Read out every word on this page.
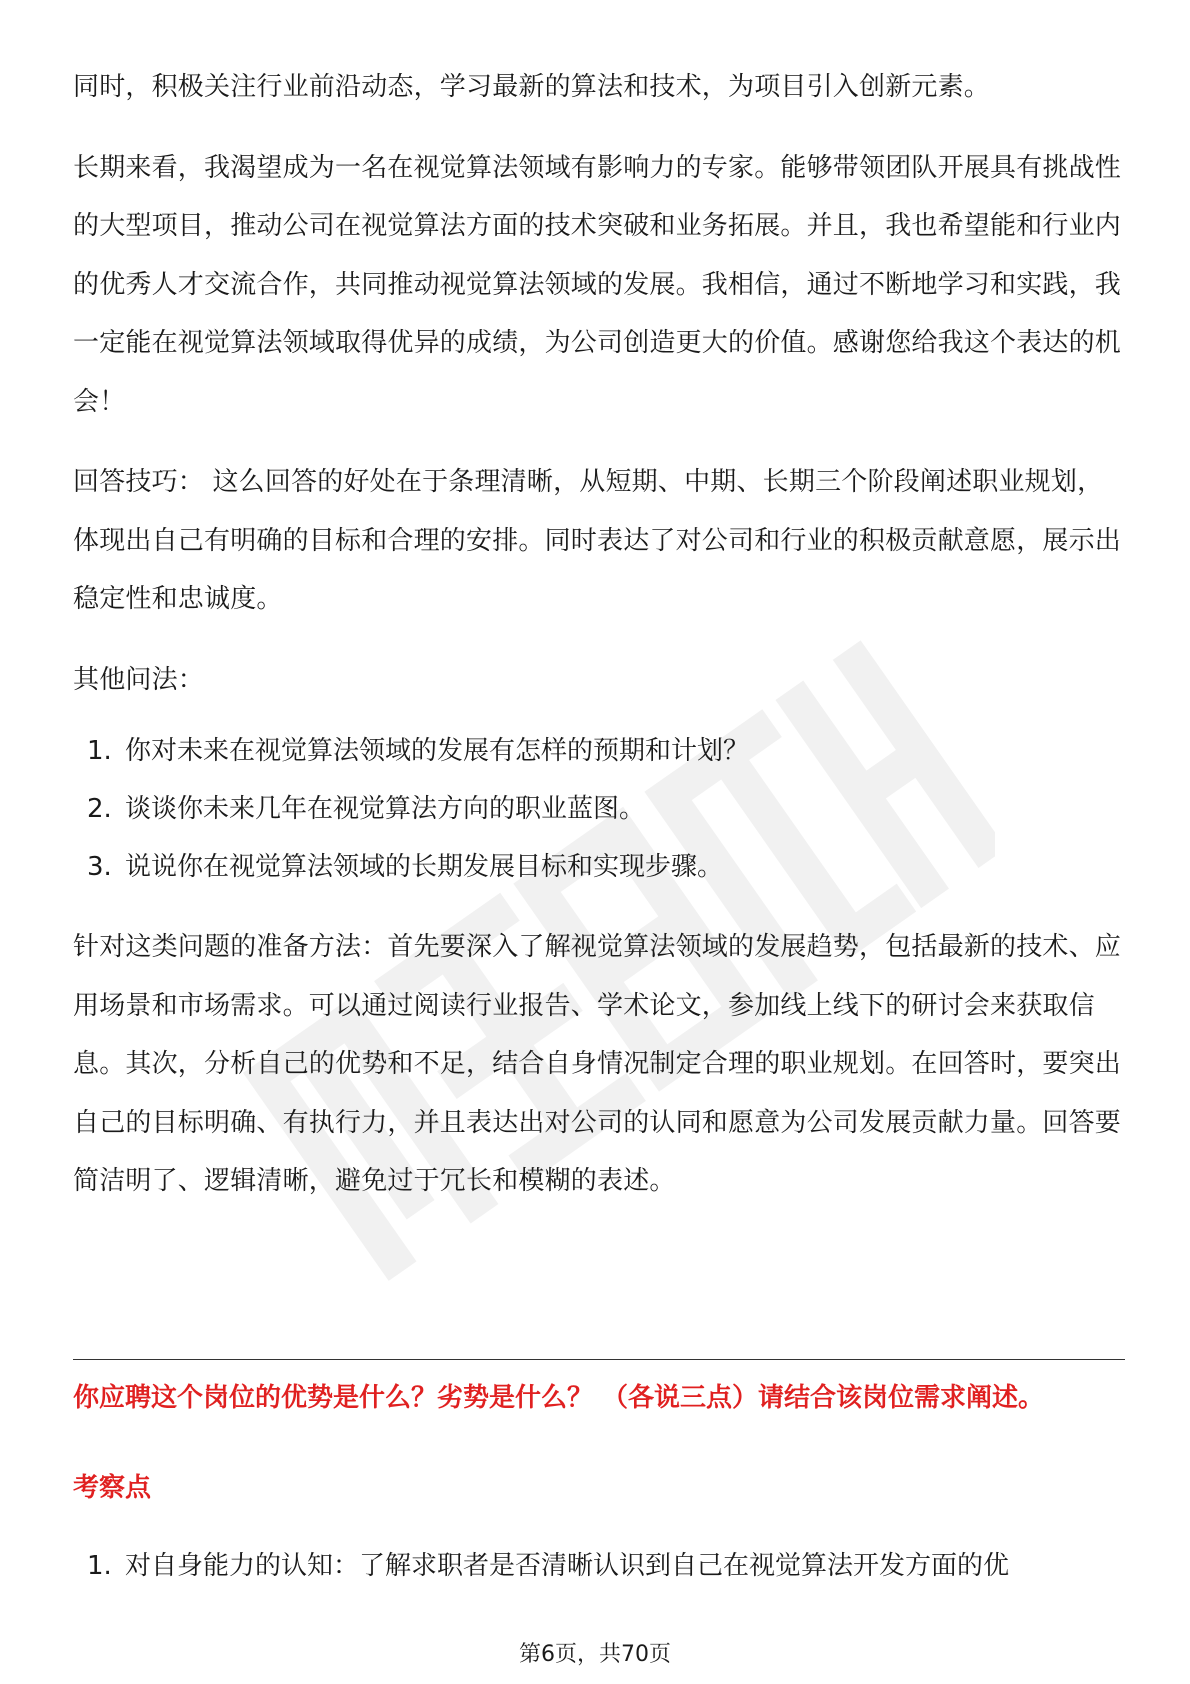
同时，积极关注行业前沿动态，学习最新的算法和技术，为项目引入创新元素。

长期来看，我渴望成为一名在视觉算法领域有影响力的专家。能够带领团队开展具有挑战性的大型项目，推动公司在视觉算法方面的技术突破和业务拓展。并且，我也希望能和行业内的优秀人才交流合作，共同推动视觉算法领域的发展。我相信，通过不断地学习和实践，我一定能在视觉算法领域取得优异的成绩，为公司创造更大的价值。感谢您给我这个表达的机会！

回答技巧： 这么回答的好处在于条理清晰，从短期、中期、长期三个阶段阐述职业规划，体现出自己有明确的目标和合理的安排。同时表达了对公司和行业的积极贡献意愿，展示出稳定性和忠诚度。

其他问法：

1. 你对未来在视觉算法领域的发展有怎样的预期和计划？
2. 谈谈你未来几年在视觉算法方向的职业蓝图。
3. 说说你在视觉算法领域的长期发展目标和实现步骤。

针对这类问题的准备方法：首先要深入了解视觉算法领域的发展趋势，包括最新的技术、应用场景和市场需求。可以通过阅读行业报告、学术论文，参加线上线下的研讨会来获取信息。其次，分析自己的优势和不足，结合自身情况制定合理的职业规划。在回答时，要突出自己的目标明确、有执行力，并且表达出对公司的认同和愿意为公司发展贡献力量。回答要简洁明了、逻辑清晰，避免过于冗长和模糊的表述。

你应聘这个岗位的优势是什么？劣势是什么？ （各说三点）请结合该岗位需求阐述。

考察点

1. 对自身能力的认知：了解求职者是否清晰认识到自己在视觉算法开发方面的优
第6页，共70页
